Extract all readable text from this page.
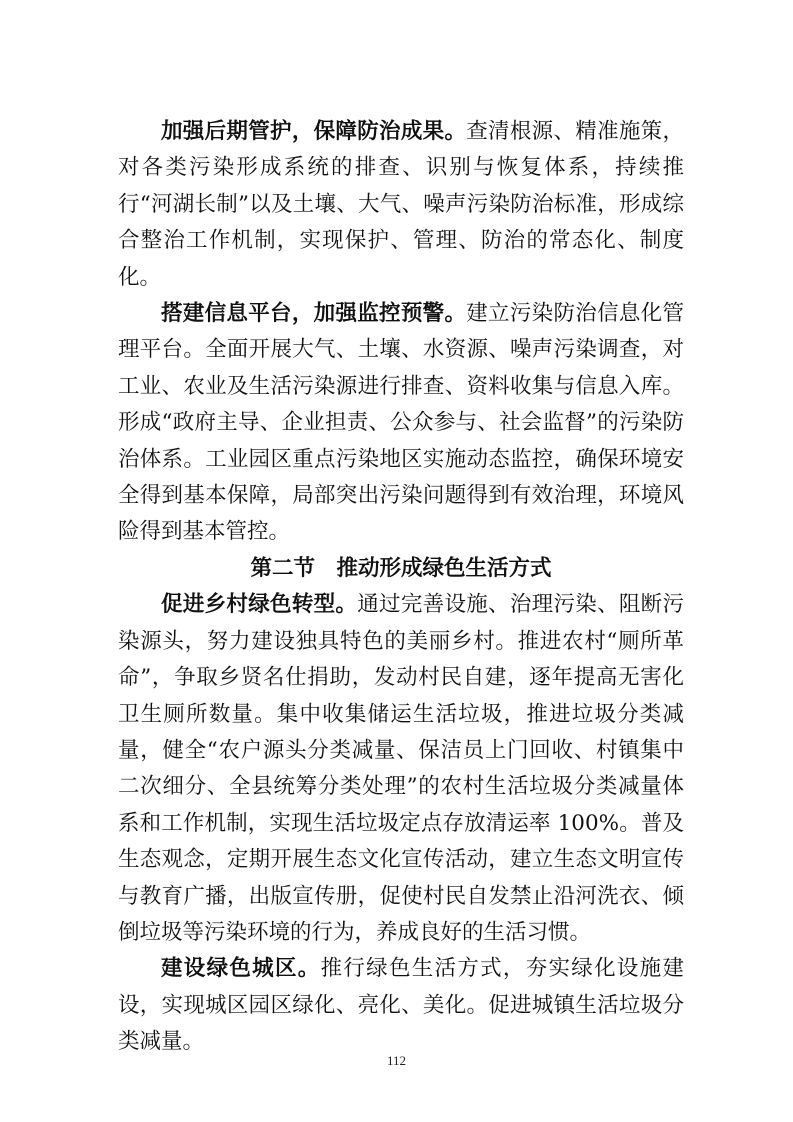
加强后期管护，保障防治成果。查清根源、精准施策，对各类污染形成系统的排查、识别与恢复体系，持续推行“河湖长制”以及土壤、大气、噪声污染防治标准，形成综合整治工作机制，实现保护、管理、防治的常态化、制度化。

搭建信息平台，加强监控预警。建立污染防治信息化管理平台。全面开展大气、土壤、水资源、噪声污染调查，对工业、农业及生活污染源进行排查、资料收集与信息入库。形成“政府主导、企业担责、公众参与、社会监督”的污染防治体系。工业园区重点污染地区实施动态监控，确保环境安全得到基本保障，局部突出污染问题得到有效治理，环境风险得到基本管控。

第二节　推动形成绿色生活方式

促进乡村绿色转型。通过完善设施、治理污染、阻断污染源头，努力建设独具特色的美丽乡村。推进农村“厕所革命”，争取乡贤名仕捐助，发动村民自建，逐年提高无害化卫生厕所数量。集中收集储运生活垃圾，推进垃圾分类减量，健全“农户源头分类减量、保洁员上门回收、村镇集中二次细分、全县统筹分类处理”的农村生活垃圾分类减量体系和工作机制，实现生活垃圾定点存放清运率 100%。普及生态观念，定期开展生态文化宣传活动，建立生态文明宣传与教育广播，出版宣传册，促使村民自发禁止沿河洗衣、倾倒垃圾等污染环境的行为，养成良好的生活习惯。

建设绿色城区。推行绿色生活方式，夯实绿化设施建设，实现城区园区绿化、亮化、美化。促进城镇生活垃圾分类减量。

112
